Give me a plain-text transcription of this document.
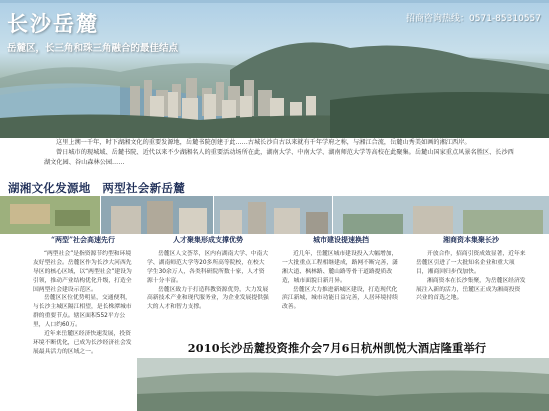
长沙岳麓
岳麓区，长三角和珠三角融合的最佳结点
招商咨询热线：0571-85310557

这里上溯一千年，时下湖湘文化的重要发源地，岳麓书院创建于此……古城长沙自古以来就有千年学府之称，与湘江合流，岳麓山秀美如画的湘江西岸。

曾日城市的现城域、岳麓书院、近代以来不少湖湘名人的重要活动场所在此，湖南大学、中南大学、湖南师范大学等高校在此聚集。岳麓山国家重点风景名胜区、长沙西湖文化园、谷山森林公园……

湖湘文化发源地　两型社会新岳麓
“两型”社会高速先行

“两型社会”是指资源节约型和环境友好型社会。岳麓区作为长沙大河西先导区的核心区域，以“两型社会”建设为引领，推动产业结构优化升级，打造全国两型社会建设示范区。

岳麓区区位优势明显，交通便利，与长沙主城区隔江相望，是长株潭城市群的重要节点。辖区面积552平方公里，人口约60万。

近年来岳麓区经济快速发展，投资环境不断优化，已成为长沙经济社会发展最具活力的区域之一。

人才聚集形成支撑优势

岳麓区人文荟萃，区内有湖南大学、中南大学、湖南师范大学等20多所高等院校，在校大学生30余万人，各类科研院所数十家，人才资源十分丰富。

岳麓区致力于打造科教资源优势，大力发展高新技术产业和现代服务业，为企业发展提供强大的人才和智力支撑。

城市建设提速换挡

近几年，岳麓区城市建设投入大幅增加，一大批重点工程相继建成，路网不断完善，潇湘大道、枫林路、麓山路等骨干道路提质改造，城市面貌日新月异。

岳麓区大力推进新城区建设，打造现代化滨江新城，城市功能日益完善，人居环境持续改善。

湘商资本集聚长沙

开放合作，招商引资成效显著，近年来岳麓区引进了一大批知名企业和重大项目，湘商回归步伐加快。

湘商资本在长沙集聚，为岳麓区经济发展注入新的活力，岳麓区正成为湘商投资兴业的首选之地。

2010长沙岳麓投资推介会7月6日杭州凯悦大酒店隆重举行
